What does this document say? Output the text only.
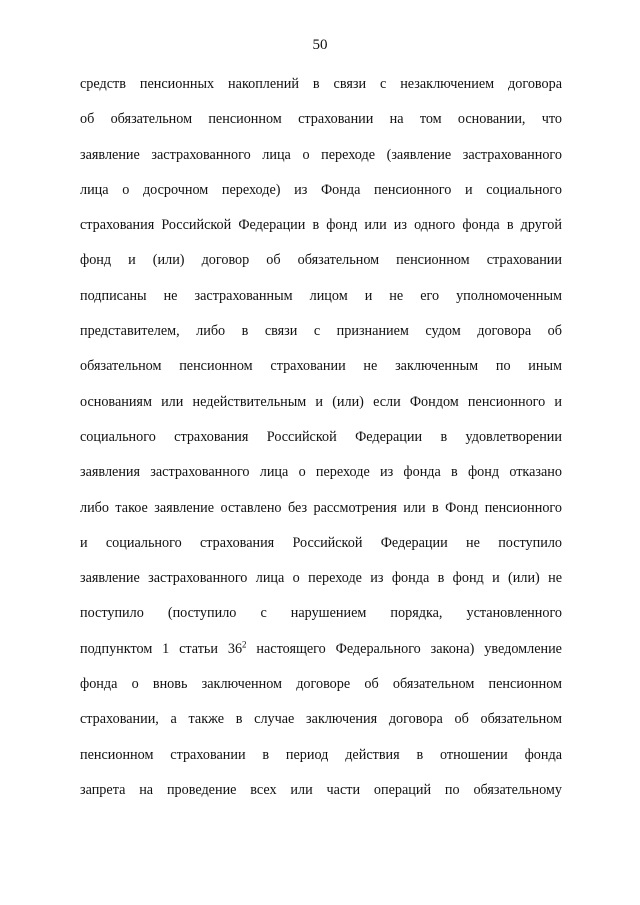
50
средств пенсионных накоплений в связи с незаключением договора
об обязательном пенсионном страховании на том основании, что
заявление застрахованного лица о переходе (заявление застрахованного
лица о досрочном переходе) из Фонда пенсионного и социального
страхования Российской Федерации в фонд или из одного фонда в другой
фонд и (или) договор об обязательном пенсионном страховании
подписаны не застрахованным лицом и не его уполномоченным
представителем, либо в связи с признанием судом договора об
обязательном пенсионном страховании не заключенным по иным
основаниям или недействительным и (или) если Фондом пенсионного и
социального страхования Российской Федерации в удовлетворении
заявления застрахованного лица о переходе из фонда в фонд отказано
либо такое заявление оставлено без рассмотрения или в Фонд пенсионного
и социального страхования Российской Федерации не поступило
заявление застрахованного лица о переходе из фонда в фонд и (или) не
поступило (поступило с нарушением порядка, установленного
подпунктом 1 статьи $36^2$ настоящего Федерального закона) уведомление
фонда о вновь заключенном договоре об обязательном пенсионном
страховании, а также в случае заключения договора об обязательном
пенсионном страховании в период действия в отношении фонда
запрета на проведение всех или части операций по обязательному
